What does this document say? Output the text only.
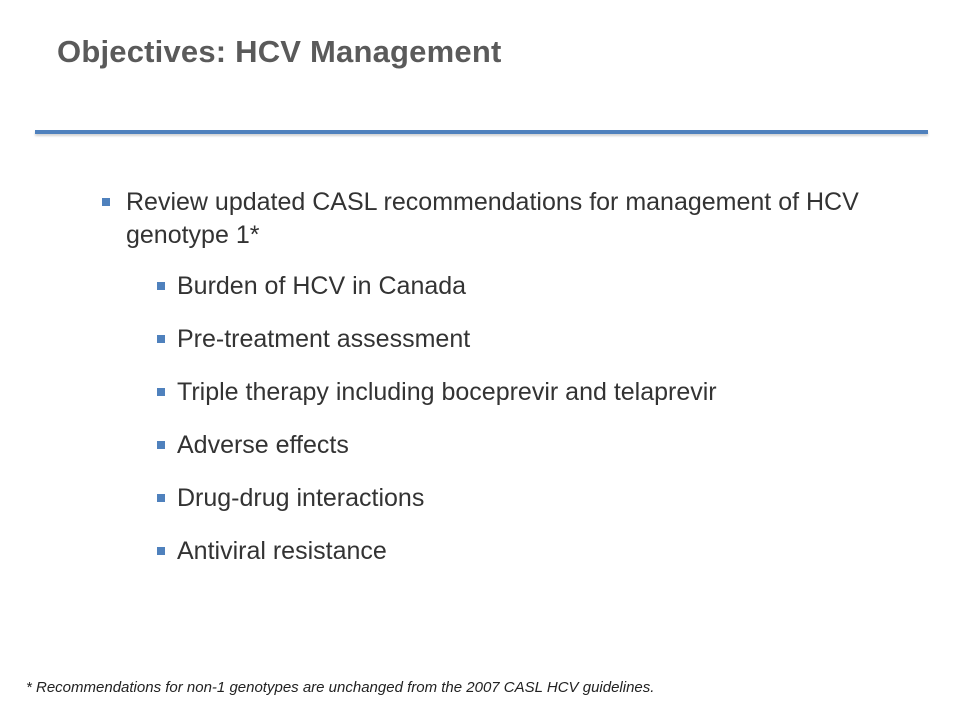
Objectives: HCV Management
Review updated CASL recommendations for management of HCV genotype 1*
Burden of HCV in Canada
Pre-treatment assessment
Triple therapy including boceprevir and telaprevir
Adverse effects
Drug-drug interactions
Antiviral resistance
* Recommendations for non-1 genotypes are unchanged from the 2007 CASL HCV guidelines.
